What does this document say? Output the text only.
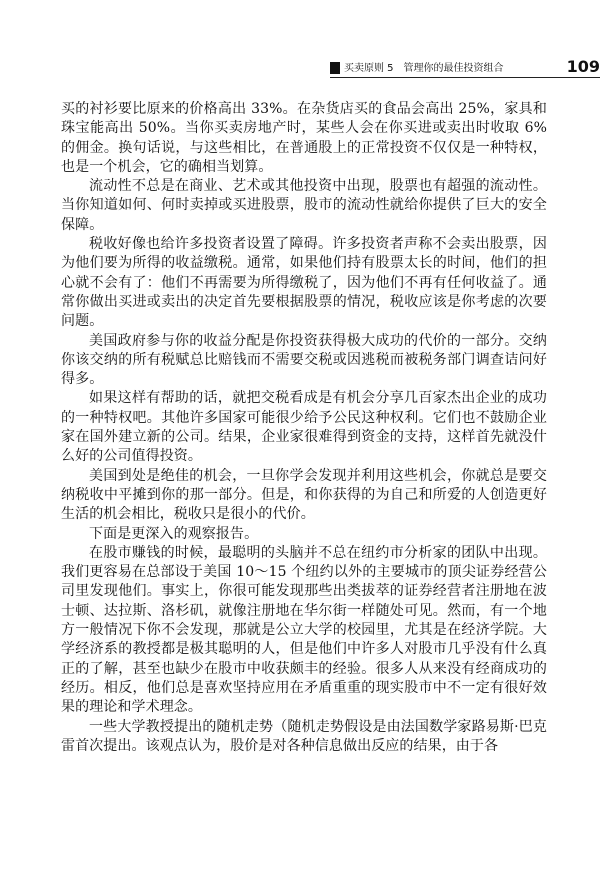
买卖原则 5　管理你的最佳投资组合	109

买的衬衫要比原来的价格高出 33%。在杂货店买的食品会高出 25%，家具和珠宝能高出 50%。当你买卖房地产时，某些人会在你买进或卖出时收取 6% 的佣金。换句话说，与这些相比，在普通股上的正常投资不仅仅是一种特权，也是一个机会，它的确相当划算。

流动性不总是在商业、艺术或其他投资中出现，股票也有超强的流动性。当你知道如何、何时卖掉或买进股票，股市的流动性就给你提供了巨大的安全保障。

税收好像也给许多投资者设置了障碍。许多投资者声称不会卖出股票，因为他们要为所得的收益缴税。通常，如果他们持有股票太长的时间，他们的担心就不会有了：他们不再需要为所得缴税了，因为他们不再有任何收益了。通常你做出买进或卖出的决定首先要根据股票的情况，税收应该是你考虑的次要问题。

美国政府参与你的收益分配是你投资获得极大成功的代价的一部分。交纳你该交纳的所有税赋总比赔钱而不需要交税或因逃税而被税务部门调查诘问好得多。

如果这样有帮助的话，就把交税看成是有机会分享几百家杰出企业的成功的一种特权吧。其他许多国家可能很少给予公民这种权利。它们也不鼓励企业家在国外建立新的公司。结果，企业家很难得到资金的支持，这样首先就没什么好的公司值得投资。

美国到处是绝佳的机会，一旦你学会发现并利用这些机会，你就总是要交纳税收中平摊到你的那一部分。但是，和你获得的为自己和所爱的人创造更好生活的机会相比，税收只是很小的代价。

下面是更深入的观察报告。

在股市赚钱的时候，最聪明的头脑并不总在纽约市分析家的团队中出现。我们更容易在总部设于美国 10～15 个纽约以外的主要城市的顶尖证券经营公司里发现他们。事实上，你很可能发现那些出类拔萃的证券经营者注册地在波士顿、达拉斯、洛杉矶，就像注册地在华尔街一样随处可见。然而，有一个地方一般情况下你不会发现，那就是公立大学的校园里，尤其是在经济学院。大学经济系的教授都是极其聪明的人，但是他们中许多人对股市几乎没有什么真正的了解，甚至也缺少在股市中收获颇丰的经验。很多人从来没有经商成功的经历。相反，他们总是喜欢坚持应用在矛盾重重的现实股市中不一定有很好效果的理论和学术理念。

一些大学教授提出的随机走势（随机走势假设是由法国数学家路易斯·巴克雷首次提出。该观点认为，股价是对各种信息做出反应的结果，由于各
